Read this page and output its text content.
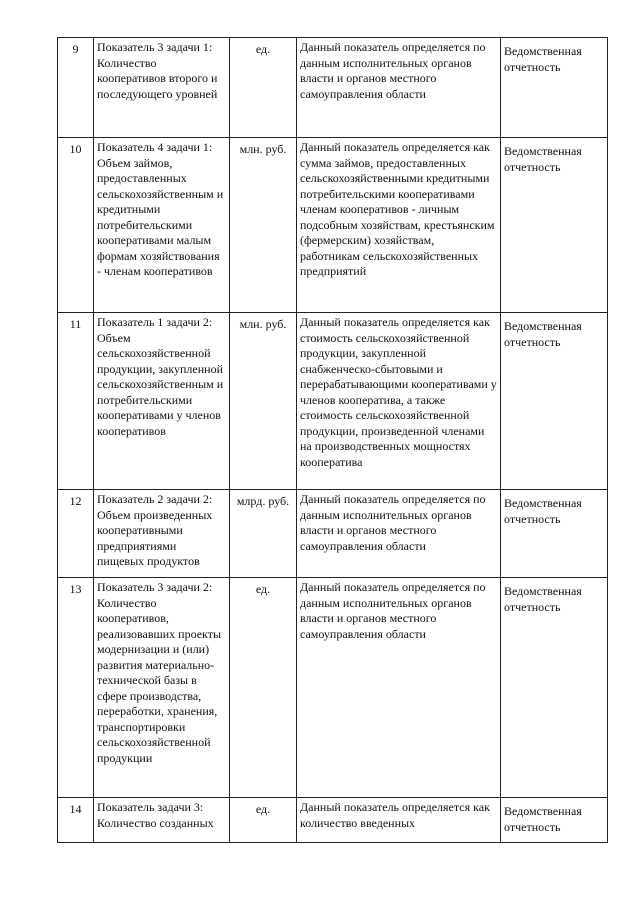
9	Показатель 3 задачи 1: Количество кооперативов второго и последующего уровней	ед.	Данный показатель определяется по данным исполнительных органов власти и органов местного самоуправления области	Ведомственная отчетность
10	Показатель 4 задачи 1: Объем займов, предоставленных сельскохозяйственным и кредитными потребительскими кооперативами малым формам хозяйствования - членам кооперативов	млн. руб.	Данный показатель определяется как сумма займов, предоставленных сельскохозяйственными кредитными потребительскими кооперативами членам кооперативов - личным подсобным хозяйствам, крестьянским (фермерским) хозяйствам, работникам сельскохозяйственных предприятий	Ведомственная отчетность
11	Показатель 1 задачи 2: Объем сельскохозяйственной продукции, закупленной сельскохозяйственным и потребительскими кооперативами у членов кооперативов	млн. руб.	Данный показатель определяется как стоимость сельскохозяйственной продукции, закупленной снабженческо-сбытовыми и перерабатывающими кооперативами у членов кооператива, а также стоимость сельскохозяйственной продукции, произведенной членами на производственных мощностях кооператива	Ведомственная отчетность
12	Показатель 2 задачи 2: Объем произведенных кооперативными предприятиями пищевых продуктов	млрд. руб.	Данный показатель определяется по данным исполнительных органов власти и органов местного самоуправления области	Ведомственная отчетность
13	Показатель 3 задачи 2: Количество кооперативов, реализовавших проекты модернизации и (или) развития материально-технической базы в сфере производства, переработки, хранения, транспортировки сельскохозяйственной продукции	ед.	Данный показатель определяется по данным исполнительных органов власти и органов местного самоуправления области	Ведомственная отчетность
14	Показатель задачи 3: Количество созданных	ед.	Данный показатель определяется как количество введенных	Ведомственная отчетность
